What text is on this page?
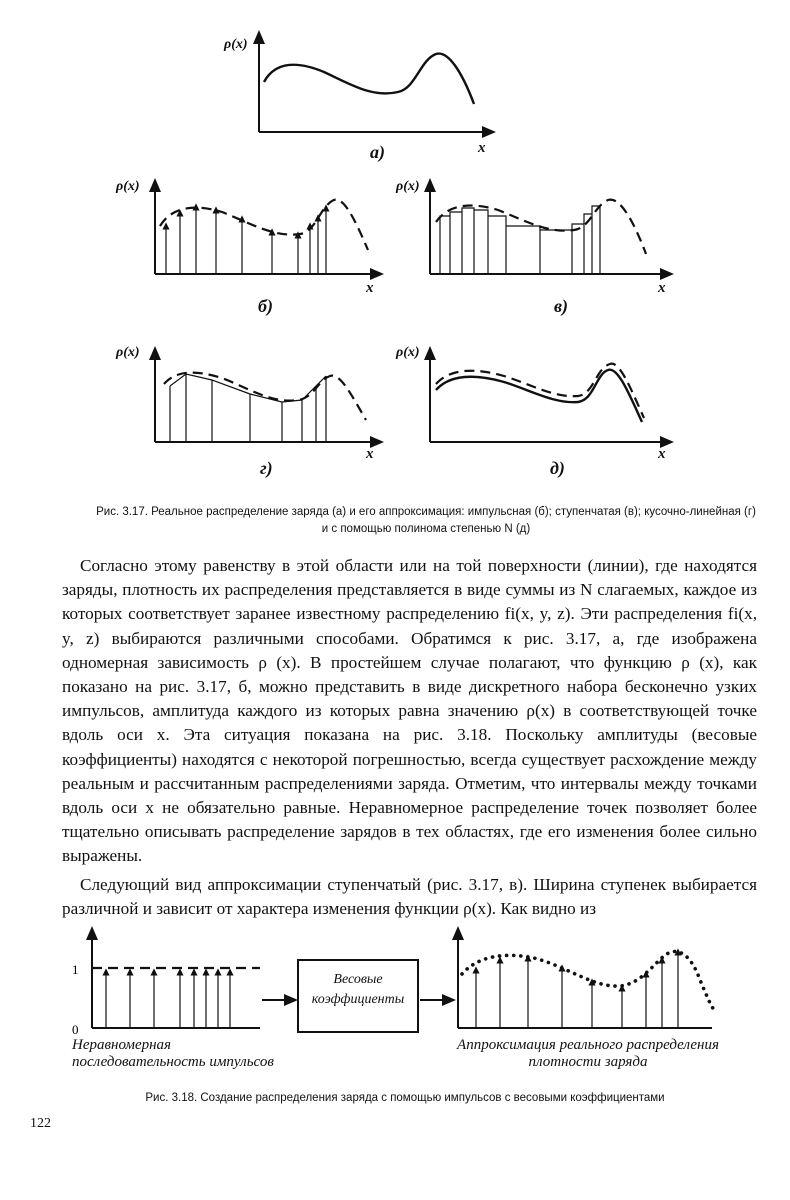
ρ(x)
x
а)
ρ(x)
x
б)
ρ(x)
x
в)
ρ(x)
x
г)
ρ(x)
x
д)
Рис. 3.17. Реальное распределение заряда (а) и его аппроксимация: импульсная (б); ступенчатая (в); кусочно-линейная (г) и с помощью полинома степенью N (д)

Согласно этому равенству в этой области или на той поверхности (линии), где находятся заряды, плотность их распределения представляется в виде суммы из N слагаемых, каждое из которых соответствует заранее известному распределению fi(x, y, z). Эти распределения fi(x, y, z) выбираются различными способами. Обратимся к рис. 3.17, а, где изображена одномерная зависимость ρ (x). В простейшем случае полагают, что функцию ρ (x), как показано на рис. 3.17, б, можно представить в виде дискретного набора бесконечно узких импульсов, амплитуда каждого из которых равна значению ρ(x) в соответствующей точке вдоль оси x. Эта ситуация показана на рис. 3.18. Поскольку амплитуды (весовые коэффициенты) находятся с некоторой погрешностью, всегда существует расхождение между реальным и рассчитанным распределениями заряда. Отметим, что интервалы между точками вдоль оси x не обязательно равные. Неравномерное распределение точек позволяет более тщательно описывать распределение зарядов в тех областях, где его изменения более сильно выражены.

Следующий вид аппроксимации ступенчатый (рис. 3.17, в). Ширина ступенек выбирается различной и зависит от характера изменения функции ρ(x). Как видно из

1
0
Весовые коэффициенты
Неравномерная последовательность импульсов
Аппроксимация реального распределения плотности заряда
Рис. 3.18. Создание распределения заряда с помощью импульсов с весовыми коэффициентами
122
